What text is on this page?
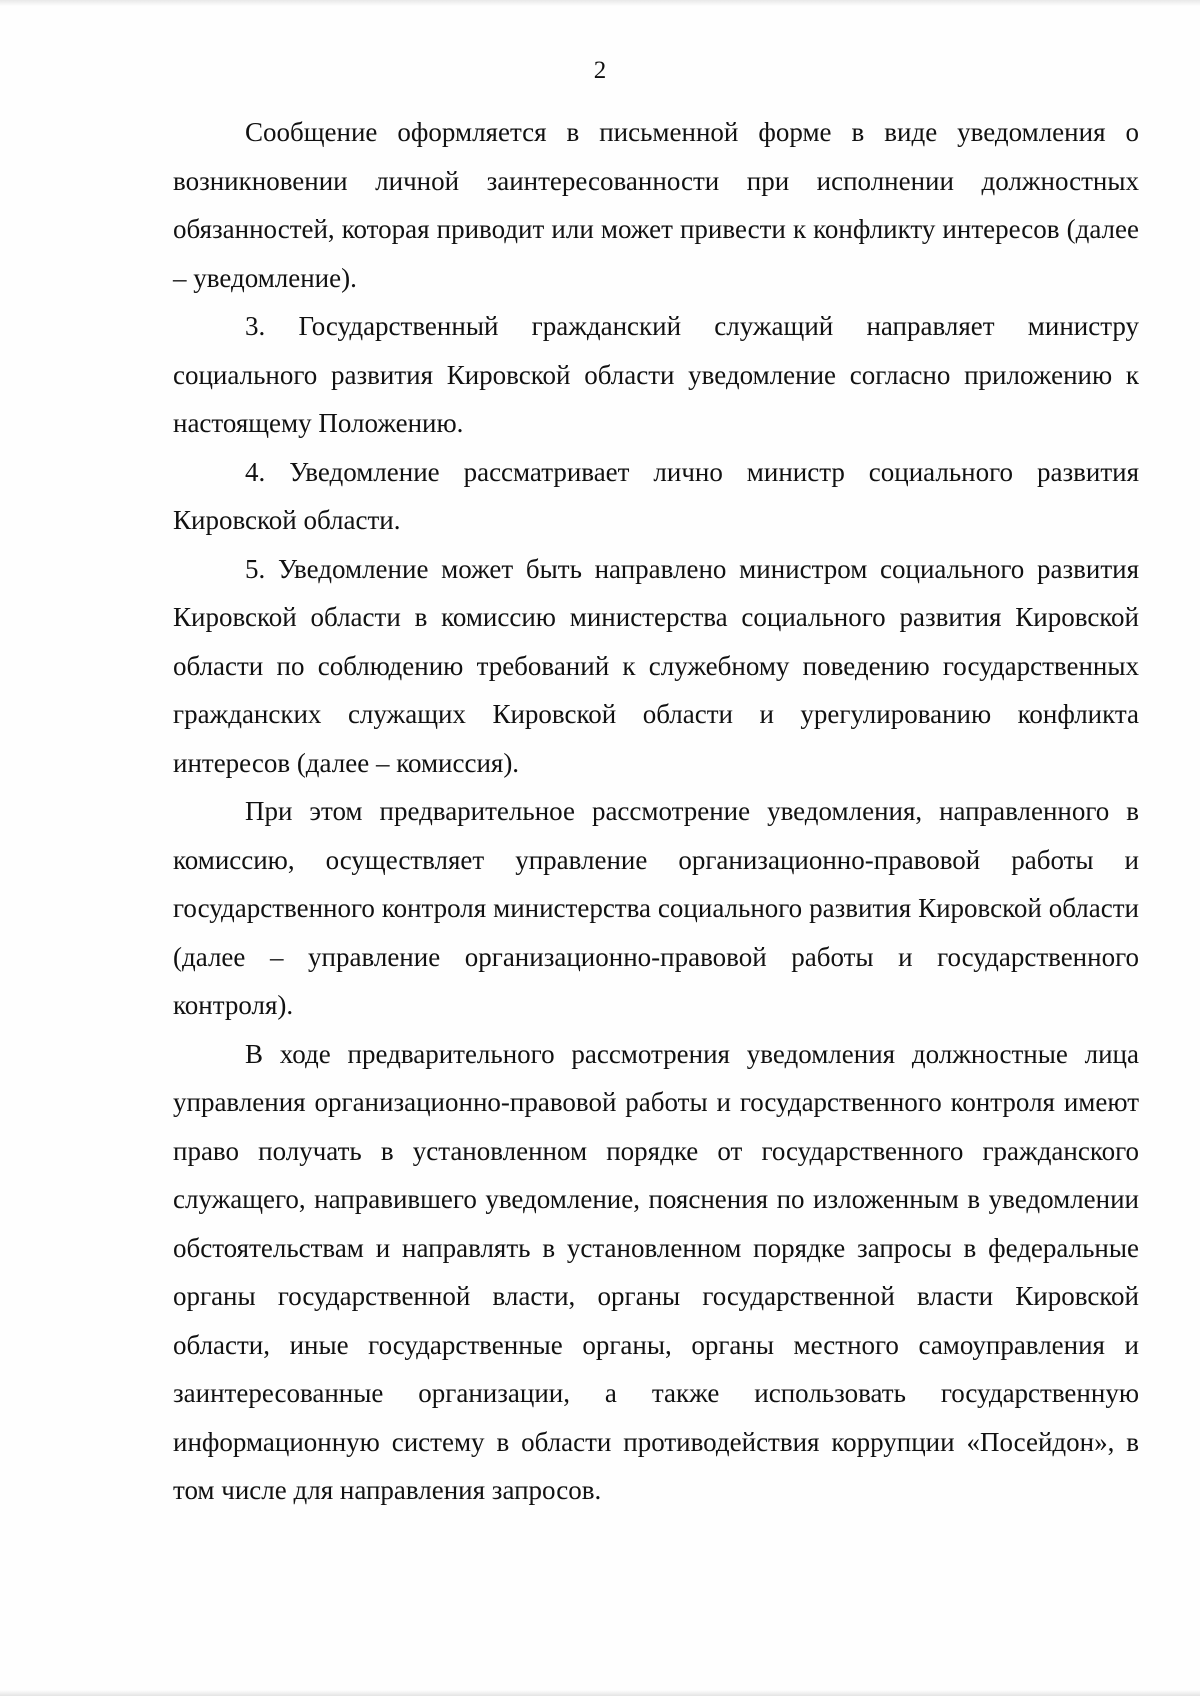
2

Сообщение оформляется в письменной форме в виде уведомления о возникновении личной заинтересованности при исполнении должностных обязанностей, которая приводит или может привести к конфликту интересов (далее – уведомление).

3. Государственный гражданский служащий направляет министру социального развития Кировской области уведомление согласно приложению к настоящему Положению.

4. Уведомление рассматривает лично министр социального развития Кировской области.

5. Уведомление может быть направлено министром социального развития Кировской области в комиссию министерства социального развития Кировской области по соблюдению требований к служебному поведению государственных гражданских служащих Кировской области и урегулированию конфликта интересов (далее – комиссия).

При этом предварительное рассмотрение уведомления, направленного в комиссию, осуществляет управление организационно-правовой работы и государственного контроля министерства социального развития Кировской области (далее – управление организационно-правовой работы и государственного контроля).

В ходе предварительного рассмотрения уведомления должностные лица управления организационно-правовой работы и государственного контроля имеют право получать в установленном порядке от государственного гражданского служащего, направившего уведомление, пояснения по изложенным в уведомлении обстоятельствам и направлять в установленном порядке запросы в федеральные органы государственной власти, органы государственной власти Кировской области, иные государственные органы, органы местного самоуправления и заинтересованные организации, а также использовать государственную информационную систему в области противодействия коррупции «Посейдон», в том числе для направления запросов.
